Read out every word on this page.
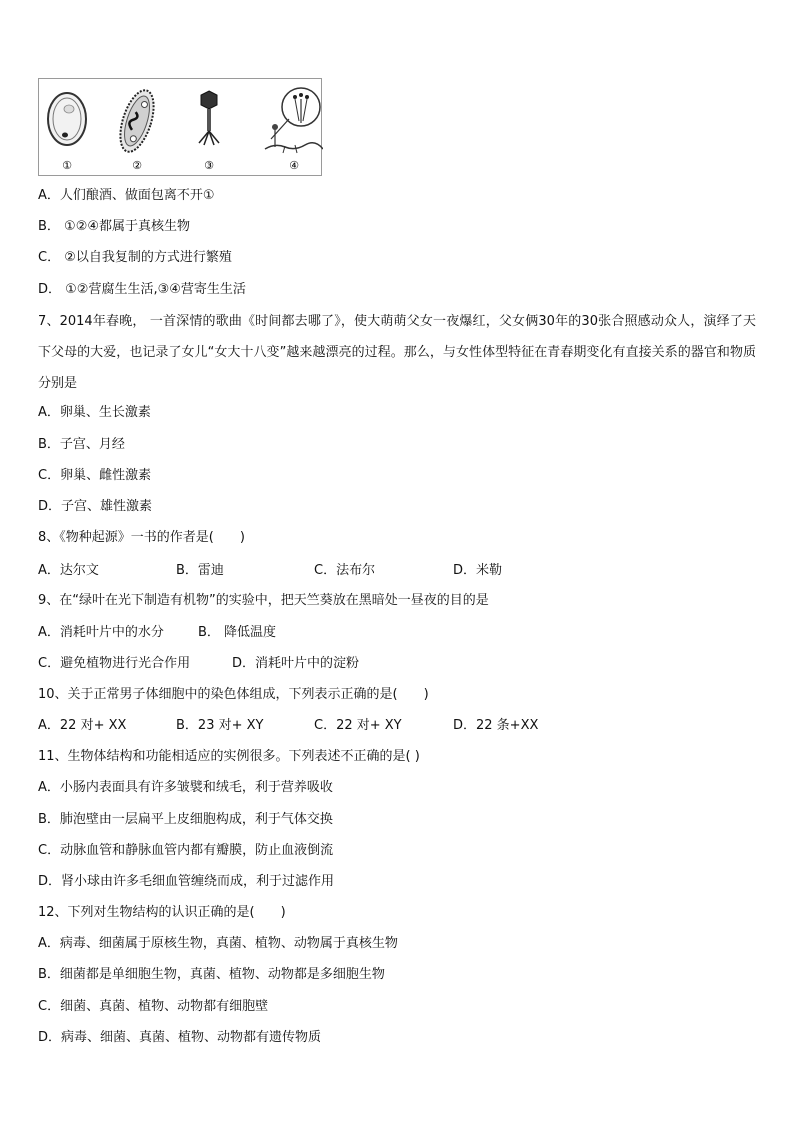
①	②	③	④
A．人们酿酒、做面包离不开①
B． ①②④都属于真核生物
C． ②以自我复制的方式进行繁殖
D． ①②营腐生生活,③④营寄生生活
7、2014年春晚， 一首深情的歌曲《时间都去哪了》，使大萌萌父女一夜爆红，父女俩30年的30张合照感动众人，演绎了天下父母的大爱，也记录了女儿“女大十八变”越来越漂亮的过程。那么，与女性体型特征在青春期变化有直接关系的器官和物质分别是
A．卵巢、生长激素
B．子宫、月经
C．卵巢、雌性激素
D．子宫、雄性激素
8、《物种起源》一书的作者是(　　)
A．达尔文	B．雷迪	C．法布尔	D．米勒
9、在“绿叶在光下制造有机物”的实验中，把天竺葵放在黑暗处一昼夜的目的是
A．消耗叶片中的水分	B． 降低温度
C．避免植物进行光合作用	D．消耗叶片中的淀粉
10、关于正常男子体细胞中的染色体组成，下列表示正确的是(　　)
A．22 对+ XX	B．23 对+ XY	C．22 对+ XY	D．22 条+XX
11、生物体结构和功能相适应的实例很多。下列表述不正确的是( )
A．小肠内表面具有许多皱襞和绒毛，利于营养吸收
B．肺泡壁由一层扁平上皮细胞构成，利于气体交换
C．动脉血管和静脉血管内都有瓣膜，防止血液倒流
D．肾小球由许多毛细血管缠绕而成，利于过滤作用
12、下列对生物结构的认识正确的是(　　)
A．病毒、细菌属于原核生物，真菌、植物、动物属于真核生物
B．细菌都是单细胞生物，真菌、植物、动物都是多细胞生物
C．细菌、真菌、植物、动物都有细胞壁
D．病毒、细菌、真菌、植物、动物都有遗传物质
